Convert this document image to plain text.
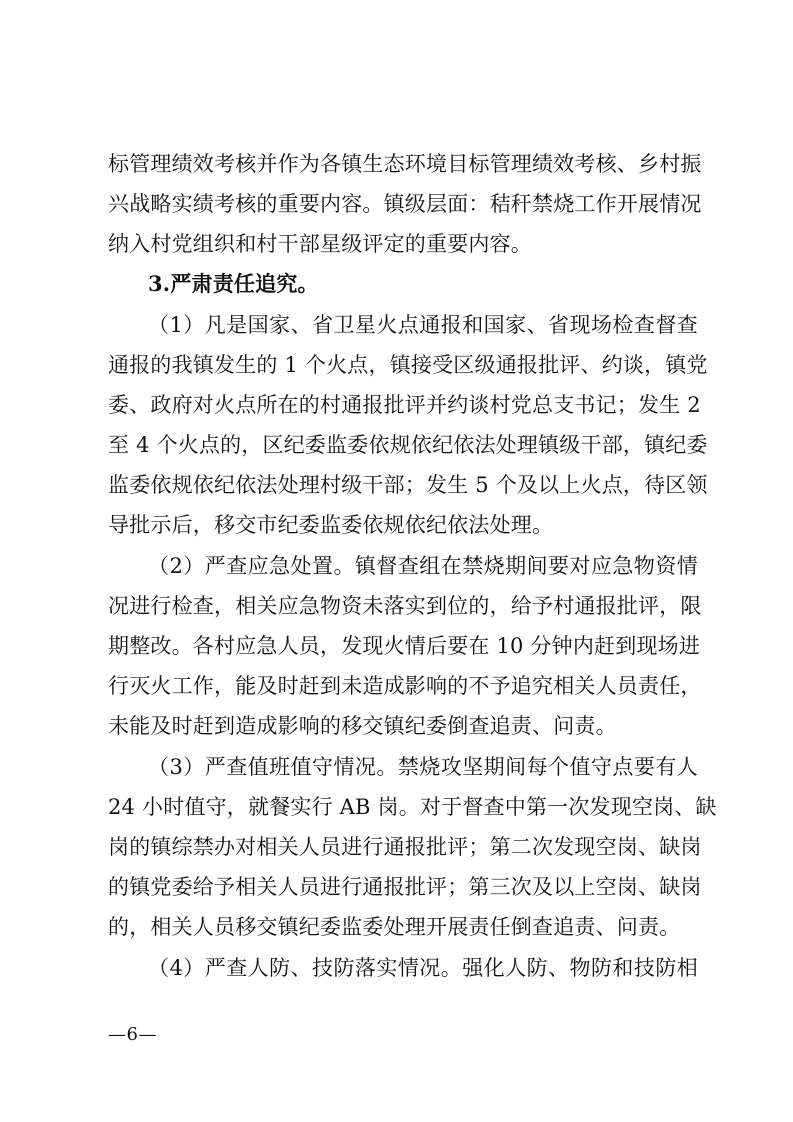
标管理绩效考核并作为各镇生态环境目标管理绩效考核、乡村振
兴战略实绩考核的重要内容。镇级层面：秸秆禁烧工作开展情况
纳入村党组织和村干部星级评定的重要内容。
3.严肃责任追究。
（1）凡是国家、省卫星火点通报和国家、省现场检查督查
通报的我镇发生的 1 个火点，镇接受区级通报批评、约谈，镇党
委、政府对火点所在的村通报批评并约谈村党总支书记；发生 2
至 4 个火点的，区纪委监委依规依纪依法处理镇级干部，镇纪委
监委依规依纪依法处理村级干部；发生 5 个及以上火点，待区领
导批示后，移交市纪委监委依规依纪依法处理。
（2）严查应急处置。镇督查组在禁烧期间要对应急物资情
况进行检查，相关应急物资未落实到位的，给予村通报批评，限
期整改。各村应急人员，发现火情后要在 10 分钟内赶到现场进
行灭火工作，能及时赶到未造成影响的不予追究相关人员责任，
未能及时赶到造成影响的移交镇纪委倒查追责、问责。
（3）严查值班值守情况。禁烧攻坚期间每个值守点要有人
24 小时值守，就餐实行 AB 岗。对于督查中第一次发现空岗、缺
岗的镇综禁办对相关人员进行通报批评；第二次发现空岗、缺岗
的镇党委给予相关人员进行通报批评；第三次及以上空岗、缺岗
的，相关人员移交镇纪委监委处理开展责任倒查追责、问责。
（4）严查人防、技防落实情况。强化人防、物防和技防相
—6—
